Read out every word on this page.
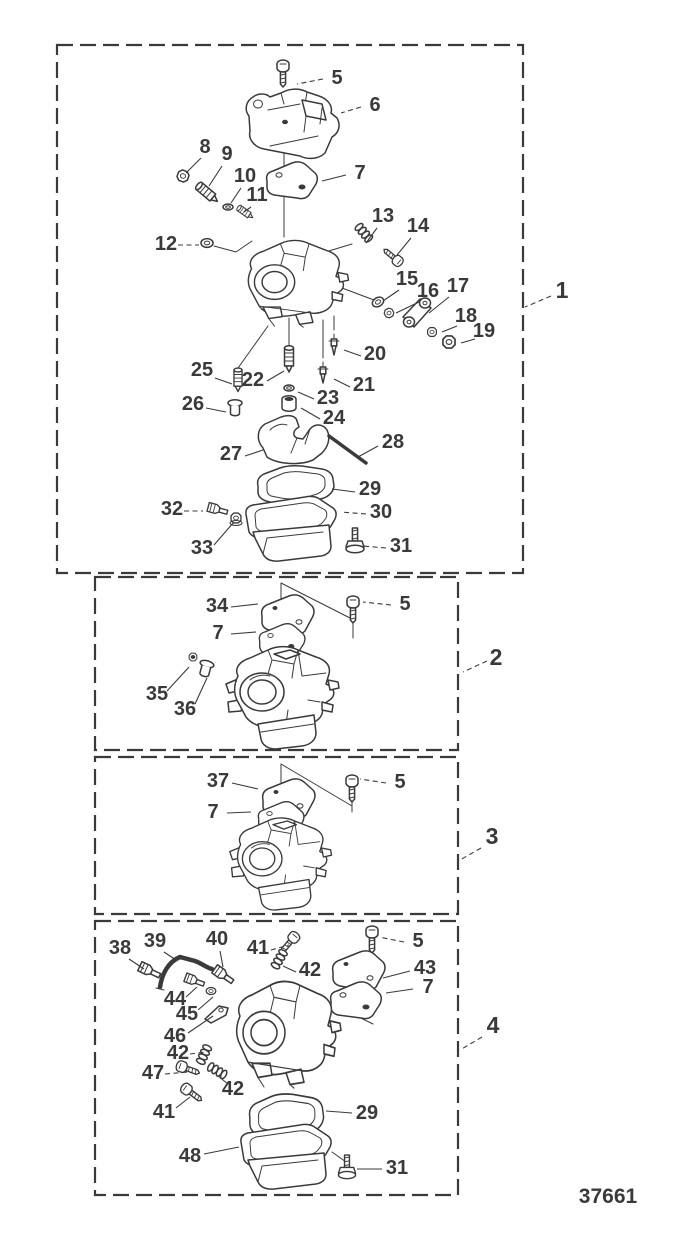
1
2
3
4
5
6
7
8 9
10
11
12
13 14
15
16 17
18
19
20
21
22
23
24
25
26
27
28
29
30
31
32
33
34
7
5
35
36
37
7
5
38 39 40 41
42
5
43
7
44
45
46
42
47
42
41
48
29
31
37661
